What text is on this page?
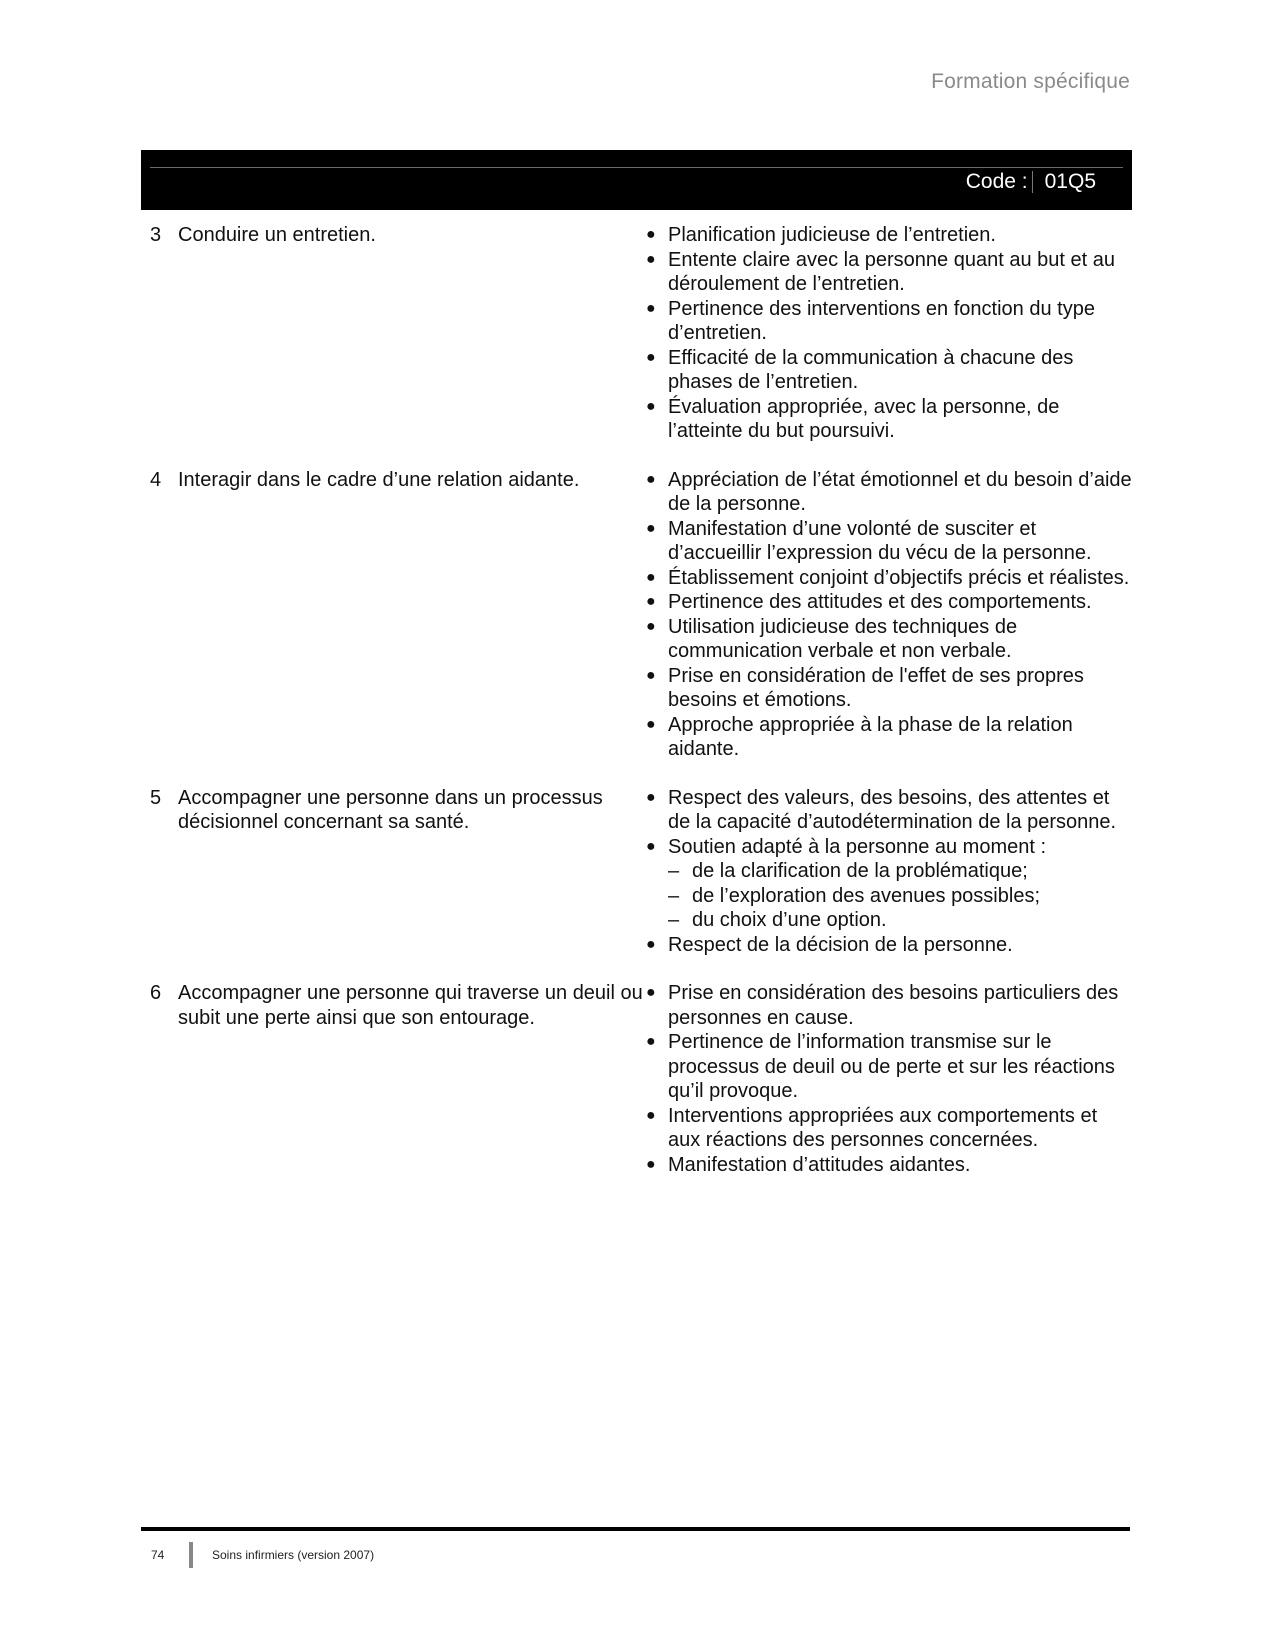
Formation spécifique
Code : 01Q5
3 Conduire un entretien.	● Planification judicieuse de l’entretien.
● Entente claire avec la personne quant au but et au déroulement de l’entretien.
● Pertinence des interventions en fonction du type d’entretien.
● Efficacité de la communication à chacune des phases de l’entretien.
● Évaluation appropriée, avec la personne, de l’atteinte du but poursuivi.
4 Interagir dans le cadre d’une relation aidante.	● Appréciation de l’état émotionnel et du besoin d’aide de la personne.
● Manifestation d’une volonté de susciter et d’accueillir l’expression du vécu de la personne.
● Établissement conjoint d’objectifs précis et réalistes.
● Pertinence des attitudes et des comportements.
● Utilisation judicieuse des techniques de communication verbale et non verbale.
● Prise en considération de l'effet de ses propres besoins et émotions.
● Approche appropriée à la phase de la relation aidante.
5 Accompagner une personne dans un processus décisionnel concernant sa santé.
● Respect des valeurs, des besoins, des attentes et de la capacité d’autodétermination de la personne.
● Soutien adapté à la personne au moment :
– de la clarification de la problématique;
– de l’exploration des avenues possibles;
– du choix d’une option.
● Respect de la décision de la personne.
6 Accompagner une personne qui traverse un deuil ou subit une perte ainsi que son entourage.
● Prise en considération des besoins particuliers des personnes en cause.
● Pertinence de l’information transmise sur le processus de deuil ou de perte et sur les réactions qu’il provoque.
● Interventions appropriées aux comportements et aux réactions des personnes concernées.
● Manifestation d’attitudes aidantes.
74	Soins infirmiers (version 2007)
